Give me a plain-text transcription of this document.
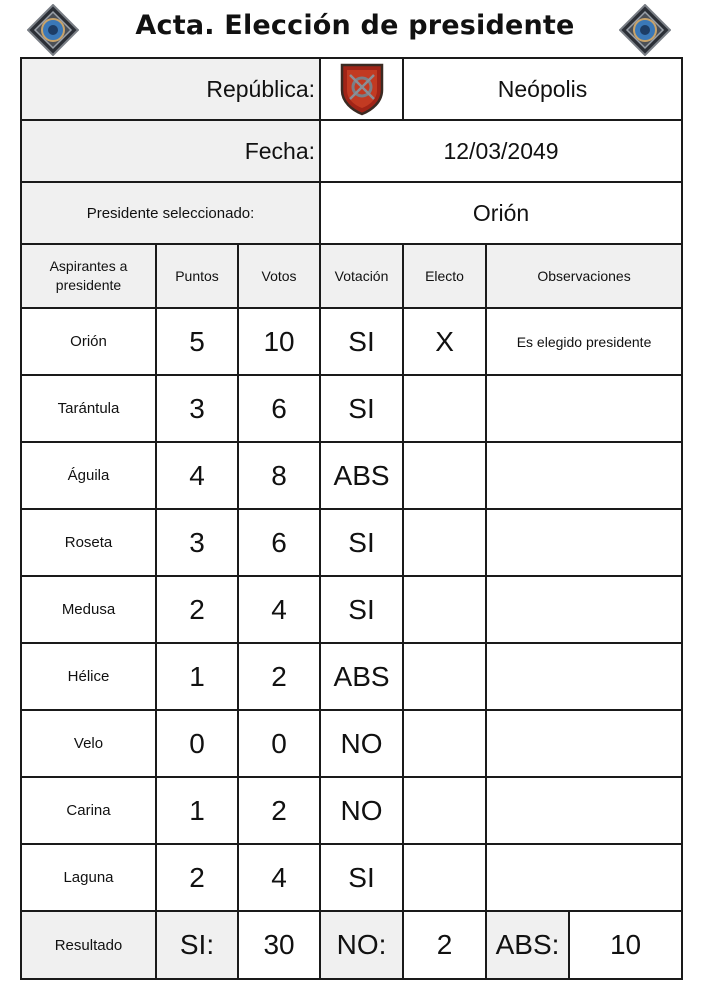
Acta. Elección de presidente
República:				Neópolis		
Fecha:			12/03/2049			
Presidente seleccionado:			Orión			
Aspirantes a presidente	Puntos	Votos	Votación	Electo	Observaciones	
Orión	5	10	SI	X	Es elegido presidente	
Tarántula	3	6	SI			
Águila	4	8	ABS			
Roseta	3	6	SI			
Medusa	2	4	SI			
Hélice	1	2	ABS			
Velo	0	0	NO			
Carina	1	2	NO			
Laguna	2	4	SI			
Resultado	SI:	30	NO:	2	ABS:	10
